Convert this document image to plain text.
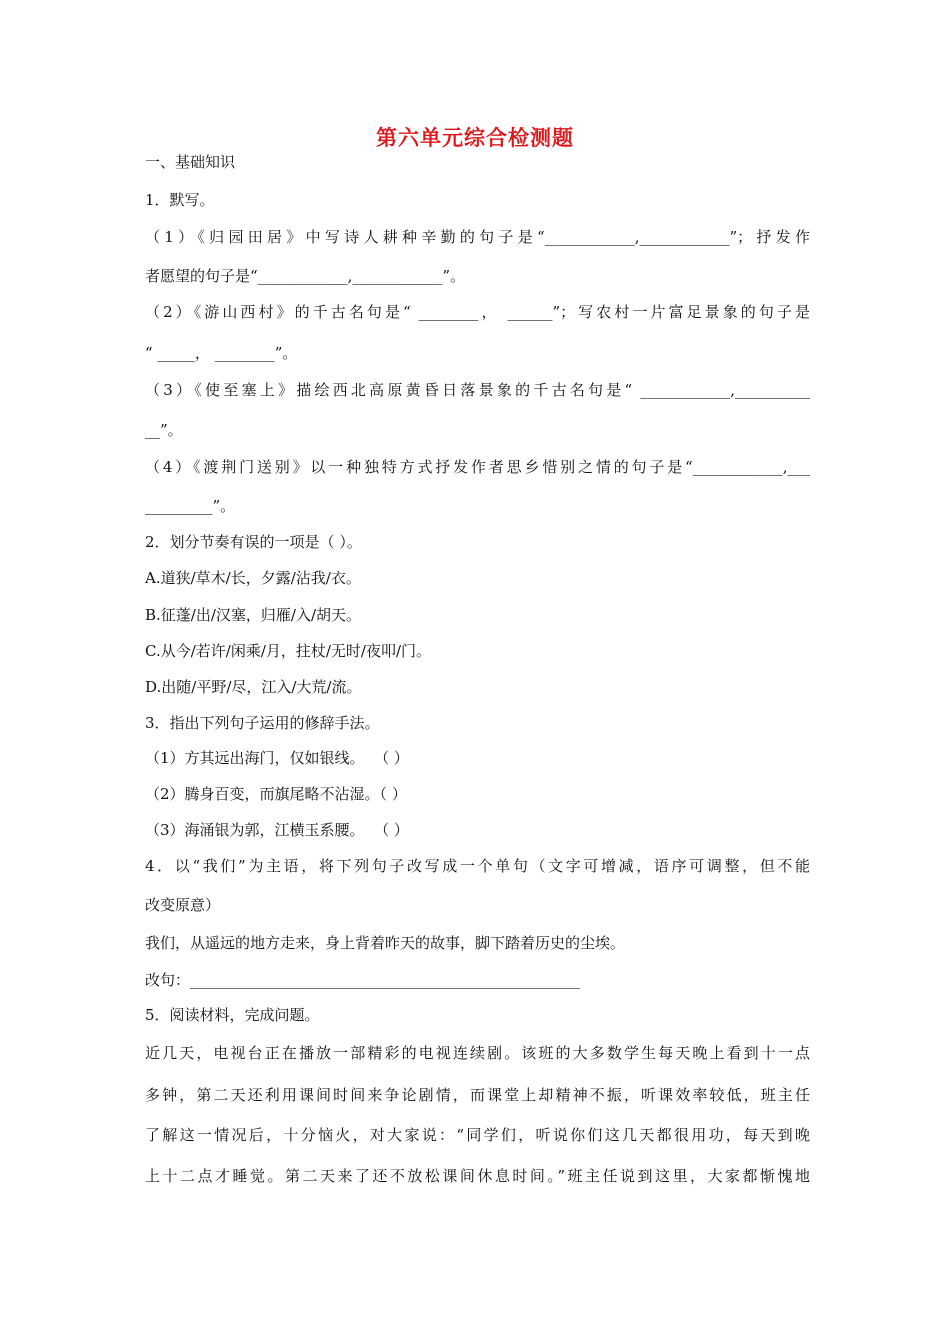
第六单元综合检测题
一、基础知识
1．默写。
（1）《归园田居》中写诗人耕种辛勤的句子是“____________,____________”；抒发作
者愿望的句子是“____________,____________”。
（2）《游山西村》的千古名句是“ ________， ______”；写农村一片富足景象的句子是
“ _____， ________”。
（3）《使至塞上》描绘西北高原黄昏日落景象的千古名句是“ ____________,__________
__”。
（4）《渡荆门送别》以一种独特方式抒发作者思乡惜别之情的句子是“____________,___
_________”。
2．划分节奏有误的一项是（ ）。
A.道狭/草木/长，夕露/沾我/衣。
B.征蓬/出/汉塞，归雁/入/胡天。
C.从今/若许/闲乘/月，拄杖/无时/夜叩/门。
D.出随/平野/尽，江入/大荒/流。
3．指出下列句子运用的修辞手法。
（1）方其远出海门，仅如银线。  （ ）
（2）腾身百变，而旗尾略不沾湿。（ ）
（3）海涌银为郭，江横玉系腰。  （ ）
4．以“我们”为主语，将下列句子改写成一个单句（文字可增减，语序可调整，但不能
改变原意）
我们，从遥远的地方走来，身上背着昨天的故事，脚下踏着历史的尘埃。
改句：____________________________________________________
5．阅读材料，完成问题。
近几天，电视台正在播放一部精彩的电视连续剧。该班的大多数学生每天晚上看到十一点
多钟，第二天还利用课间时间来争论剧情，而课堂上却精神不振，听课效率较低，班主任
了解这一情况后，十分恼火，对大家说：“同学们，听说你们这几天都很用功，每天到晚
上十二点才睡觉。第二天来了还不放松课间休息时间。”班主任说到这里，大家都惭愧地
